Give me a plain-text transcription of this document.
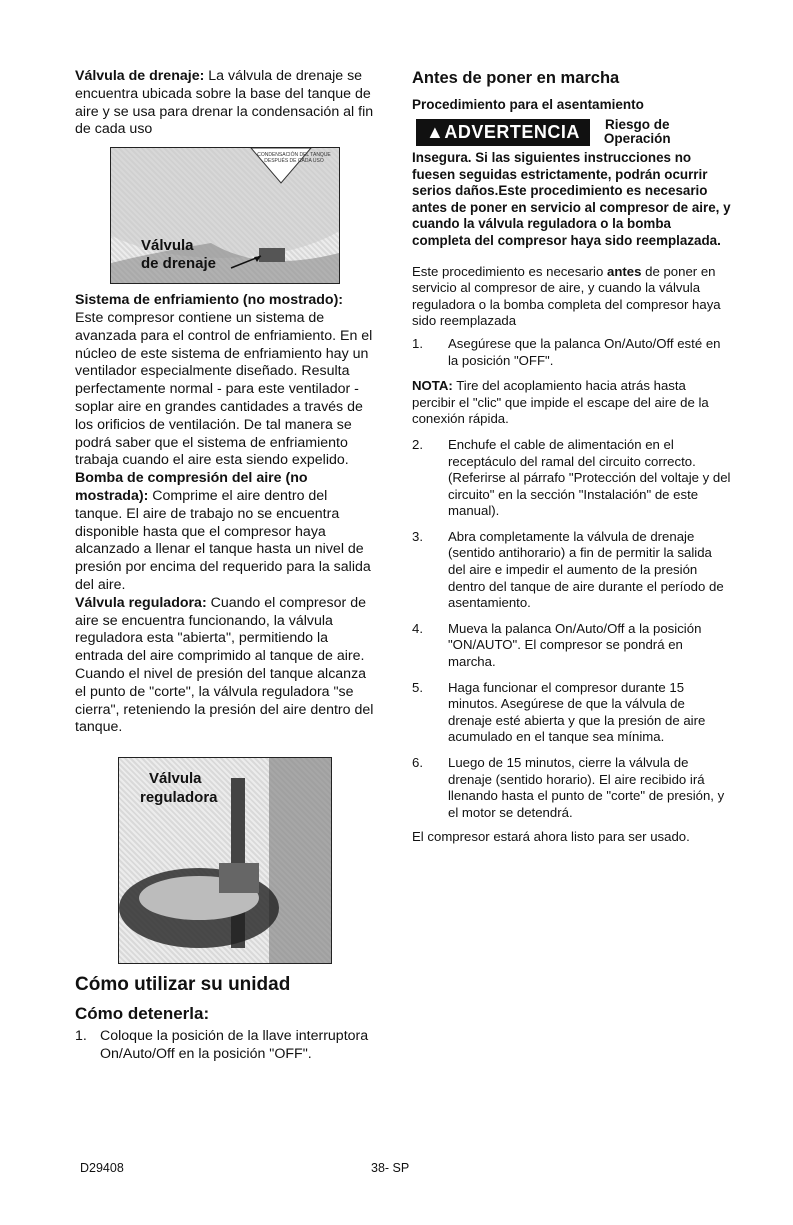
Válvula de drenaje: La válvula de drenaje se encuentra ubicada sobre la base del tanque de aire y se usa para drenar la condensación al fin de cada uso

CONDENSACIÓN DEL TANQUE DESPUÉS DE CADA USO
Válvula
de drenaje

Sistema de enfriamiento (no mostrado): Este compresor contiene un sistema de avanzada para el control de enfriamiento. En el núcleo de este sistema de enfriamiento hay un ventilador especialmente diseñado. Resulta perfectamente normal - para este ventilador - soplar aire en grandes cantidades a través de los orificios de ventilación. De tal manera se podrá saber que el sistema de enfriamiento trabaja cuando el aire esta siendo expelido.

Bomba de compresión del aire (no mostrada): Comprime el aire dentro del tanque. El aire de trabajo no se encuentra disponible hasta que el compresor haya alcanzado a llenar el tanque hasta un nivel de presión por encima del requerido para la salida del aire.

Válvula reguladora: Cuando el compresor de aire se encuentra funcionando, la válvula reguladora esta "abierta", permitiendo la entrada del aire comprimido al tanque de aire. Cuando el nivel de presión del tanque alcanza el punto de "corte", la válvula reguladora "se cierra", reteniendo la presión del aire dentro del tanque.

Válvula
reguladora
Cómo utilizar su unidad
Cómo detenerla:
1. Coloque la posición de la llave interruptora On/Auto/Off en la posición "OFF".
Antes de poner en marcha
Procedimiento para el asentamiento
▲ADVERTENCIA	Riesgo de
Operación

Insegura. Si las siguientes instrucciones no fuesen seguidas estrictamente, podrán ocurrir serios daños.Este procedimiento es necesario antes de poner en servicio al compresor de aire, y cuando la válvula reguladora o la bomba completa del compresor haya sido reemplazada.

Este procedimiento es necesario antes de poner en servicio al compresor de aire, y cuando la válvula reguladora o la bomba completa del compresor haya sido reemplazada

1.	Asegúrese que la palanca On/Auto/Off esté en la posición "OFF".

NOTA: Tire del acoplamiento hacia atrás hasta percibir el "clic" que impide el escape del aire de la conexión rápida.

2.	Enchufe el cable de alimentación en el receptáculo del ramal del circuito correcto. (Referirse al párrafo "Protección del voltaje y del circuito" en la sección "Instalación" de este manual).
3.	Abra completamente la válvula de drenaje (sentido antihorario) a fin de permitir la salida del aire e impedir el aumento de la presión dentro del tanque de aire durante el período de asentamiento.
4.	Mueva la palanca On/Auto/Off a la posición "ON/AUTO". El compresor se pondrá en marcha.
5.	Haga funcionar el compresor durante 15 minutos. Asegúrese de que la válvula de drenaje esté abierta y que la presión de aire acumulado en el tanque sea mínima.
6.	Luego de 15 minutos, cierre la válvula de drenaje (sentido horario). El aire recibido irá llenando hasta el punto de "corte" de presión, y el motor se detendrá.

El compresor estará ahora listo para ser usado.

D29408	38- SP
